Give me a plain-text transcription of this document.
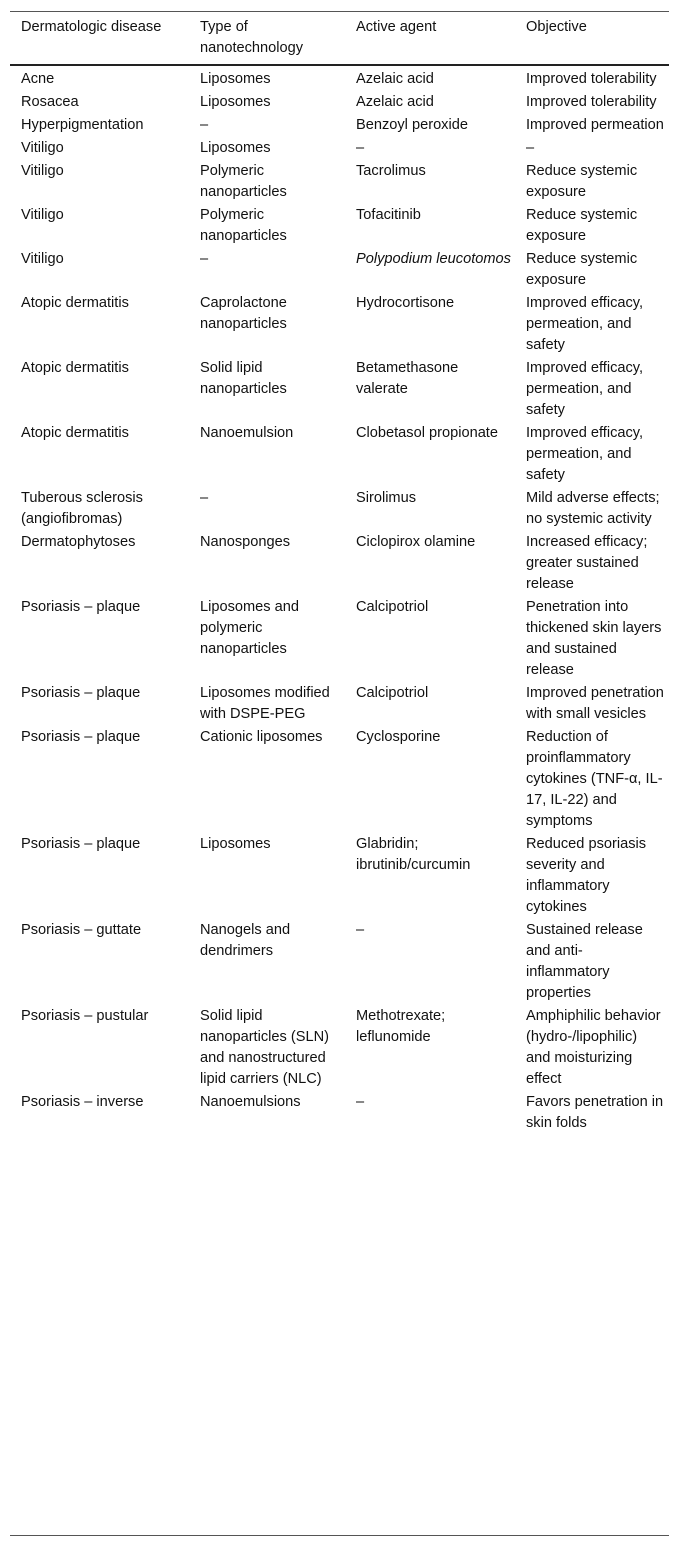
Dermatologic disease	Type of nanotechnology	Active agent	Objective
Acne	Liposomes	Azelaic acid	Improved tolerability
Rosacea	Liposomes	Azelaic acid	Improved tolerability
Hyperpigmentation	–	Benzoyl peroxide	Improved permeation
Vitiligo	Liposomes	–	–
Vitiligo	Polymeric nanoparticles	Tacrolimus	Reduce systemic exposure
Vitiligo	Polymeric nanoparticles	Tofacitinib	Reduce systemic exposure
Vitiligo	–	Polypodium leucotomos	Reduce systemic exposure
Atopic dermatitis	Caprolactone nanoparticles	Hydrocortisone	Improved efficacy, permeation, and safety
Atopic dermatitis	Solid lipid nanoparticles	Betamethasone valerate	Improved efficacy, permeation, and safety
Atopic dermatitis	Nanoemulsion	Clobetasol propionate	Improved efficacy, permeation, and safety
Tuberous sclerosis (angiofibromas)	–	Sirolimus	Mild adverse effects; no systemic activity
Dermatophytoses	Nanosponges	Ciclopirox olamine	Increased efficacy; greater sustained release
Psoriasis – plaque	Liposomes and polymeric nanoparticles	Calcipotriol	Penetration into thickened skin layers and sustained release
Psoriasis – plaque	Liposomes modified with DSPE-PEG	Calcipotriol	Improved penetration with small vesicles
Psoriasis – plaque	Cationic liposomes	Cyclosporine	Reduction of proinflammatory cytokines (TNF-α, IL-17, IL-22) and symptoms
Psoriasis – plaque	Liposomes	Glabridin; ibrutinib/curcumin	Reduced psoriasis severity and inflammatory cytokines
Psoriasis – guttate	Nanogels and dendrimers	–	Sustained release and anti-inflammatory properties
Psoriasis – pustular	Solid lipid nanoparticles (SLN) and nanostructured lipid carriers (NLC)	Methotrexate; leflunomide	Amphiphilic behavior (hydro-/lipophilic) and moisturizing effect
Psoriasis – inverse	Nanoemulsions	–	Favors penetration in skin folds
